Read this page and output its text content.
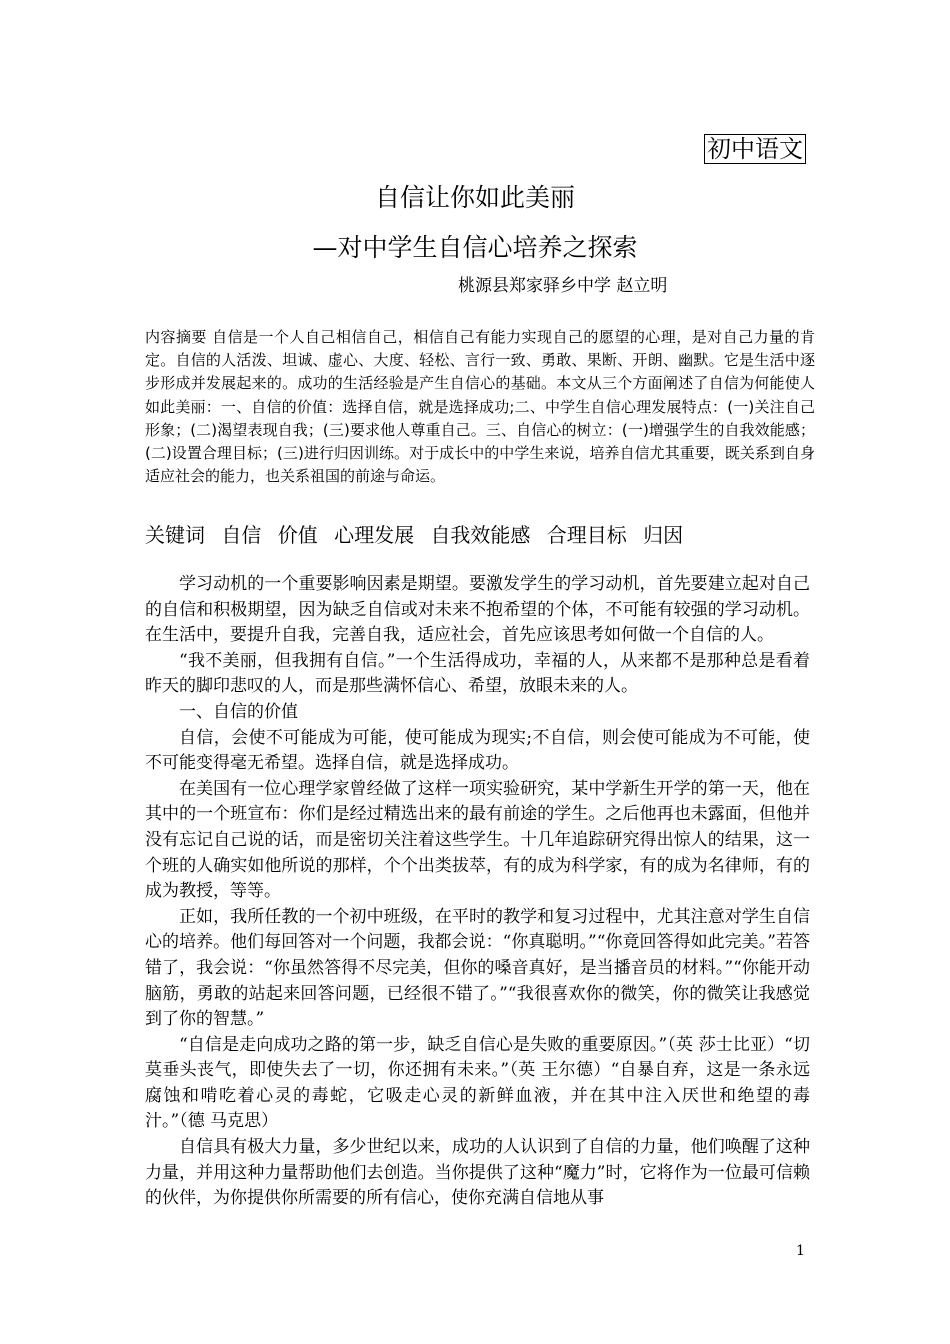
初中语文
自信让你如此美丽
—对中学生自信心培养之探索
桃源县郑家驿乡中学 赵立明
内容摘要 自信是一个人自己相信自己，相信自己有能力实现自己的愿望的心理，是对自己力量的肯定。自信的人活泼、坦诚、虚心、大度、轻松、言行一致、勇敢、果断、开朗、幽默。它是生活中逐步形成并发展起来的。成功的生活经验是产生自信心的基础。本文从三个方面阐述了自信为何能使人如此美丽：一、自信的价值：选择自信，就是选择成功;二、中学生自信心理发展特点：(一)关注自己形象；(二)渴望表现自我；(三)要求他人尊重自己。三、自信心的树立：(一)增强学生的自我效能感；(二)设置合理目标；(三)进行归因训练。对于成长中的中学生来说，培养自信尤其重要，既关系到自身适应社会的能力，也关系祖国的前途与命运。
关键词 自信 价值 心理发展 自我效能感 合理目标 归因

学习动机的一个重要影响因素是期望。要激发学生的学习动机，首先要建立起对自己的自信和积极期望，因为缺乏自信或对未来不抱希望的个体，不可能有较强的学习动机。在生活中，要提升自我，完善自我，适应社会，首先应该思考如何做一个自信的人。

“我不美丽，但我拥有自信。”一个生活得成功，幸福的人，从来都不是那种总是看着昨天的脚印悲叹的人，而是那些满怀信心、希望，放眼未来的人。

一、自信的价值

自信，会使不可能成为可能，使可能成为现实;不自信，则会使可能成为不可能，使不可能变得毫无希望。选择自信，就是选择成功。

在美国有一位心理学家曾经做了这样一项实验研究，某中学新生开学的第一天，他在其中的一个班宣布：你们是经过精选出来的最有前途的学生。之后他再也未露面，但他并没有忘记自己说的话，而是密切关注着这些学生。十几年追踪研究得出惊人的结果，这一个班的人确实如他所说的那样，个个出类拔萃，有的成为科学家，有的成为名律师，有的成为教授，等等。

正如，我所任教的一个初中班级，在平时的教学和复习过程中，尤其注意对学生自信心的培养。他们每回答对一个问题，我都会说：“你真聪明。”“你竟回答得如此完美。”若答错了，我会说：“你虽然答得不尽完美，但你的嗓音真好，是当播音员的材料。”“你能开动脑筋，勇敢的站起来回答问题，已经很不错了。”“我很喜欢你的微笑，你的微笑让我感觉到了你的智慧。”

“自信是走向成功之路的第一步，缺乏自信心是失败的重要原因。”（英 莎士比亚）“切莫垂头丧气，即使失去了一切，你还拥有未来。”（英 王尔德）“自暴自弃，这是一条永远腐蚀和啃吃着心灵的毒蛇，它吸走心灵的新鲜血液，并在其中注入厌世和绝望的毒汁。”（德 马克思）

自信具有极大力量，多少世纪以来，成功的人认识到了自信的力量，他们唤醒了这种力量，并用这种力量帮助他们去创造。当你提供了这种“魔力”时，它将作为一位最可信赖的伙伴，为你提供你所需要的所有信心，使你充满自信地从事

1
